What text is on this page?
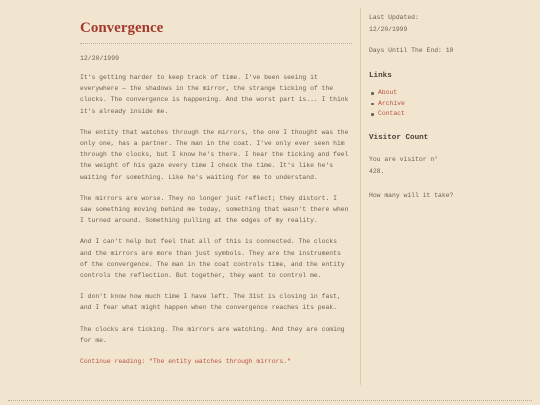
Convergence
12/20/1999

It's getting harder to keep track of time. I've been seeing it everywhere — the shadows in the mirror, the strange ticking of the clocks. The convergence is happening. And the worst part is... I think it's already inside me.

The entity that watches through the mirrors, the one I thought was the only one, has a partner. The man in the coat. I've only ever seen him through the clocks, but I know he's there. I hear the ticking and feel the weight of his gaze every time I check the time. It's like he's waiting for something. Like he's waiting for me to understand.

The mirrors are worse. They no longer just reflect; they distort. I saw something moving behind me today, something that wasn't there when I turned around. Something pulling at the edges of my reality.

And I can't help but feel that all of this is connected. The clocks and the mirrors are more than just symbols. They are the instruments of the convergence. The man in the coat controls time, and the entity controls the reflection. But together, they want to control me.

I don't know how much time I have left. The 31st is closing in fast, and I fear what might happen when the convergence reaches its peak.

The clocks are ticking. The mirrors are watching. And they are coming for me.

Continue reading: "The entity watches through mirrors."
Last Updated:
12/20/1999
Days Until The End: 10
Links
About
Archive
Contact
Visitor Count
You are visitor n°
428.
How many will it take?
